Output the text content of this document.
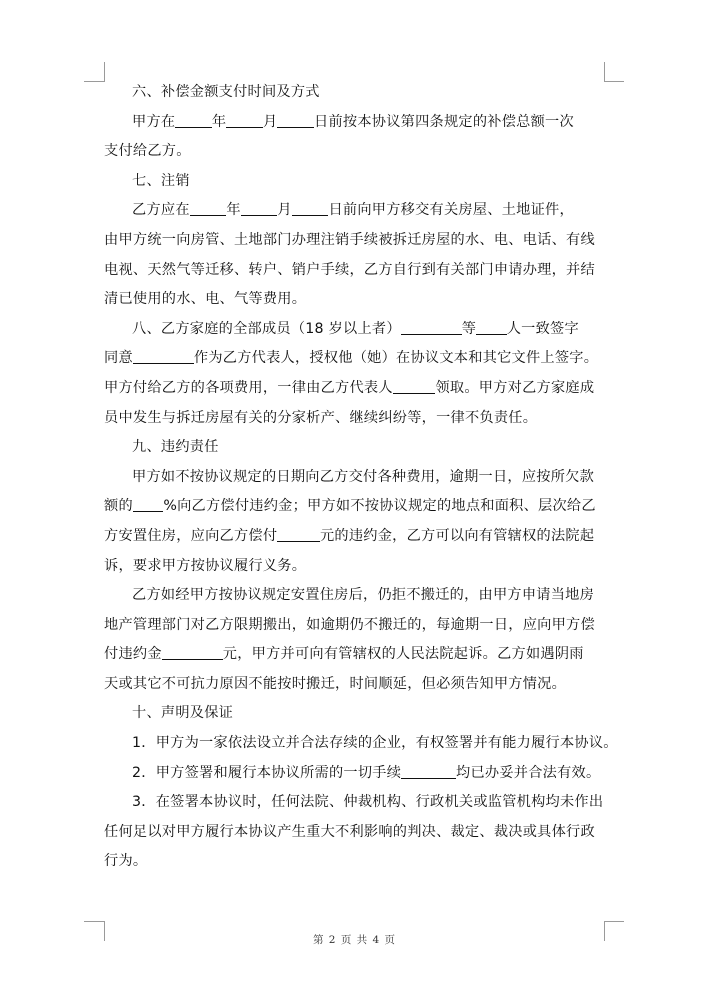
六、补偿金额支付时间及方式
甲方在	年	月	日前按本协议第四条规定的补偿总额一次
支付给乙方。
七、注销
乙方应在	年	月	日前向甲方移交有关房屋、土地证件，
由甲方统一向房管、土地部门办理注销手续被拆迁房屋的水、电、电话、有线
电视、天然气等迁移、转户、销户手续，乙方自行到有关部门申请办理，并结
清已使用的水、电、气等费用。
八、乙方家庭的全部成员（18 岁以上者）	等 人一致签字
同意	作为乙方代表人，授权他（她）在协议文本和其它文件上签字。
甲方付给乙方的各项费用，一律由乙方代表人	领取。甲方对乙方家庭成
员中发生与拆迁房屋有关的分家析产、继续纠纷等，一律不负责任。
九、违约责任
甲方如不按协议规定的日期向乙方交付各种费用，逾期一日，应按所欠款
额的 %向乙方偿付违约金；甲方如不按协议规定的地点和面积、层次给乙
方安置住房，应向乙方偿付	元的违约金，乙方可以向有管辖权的法院起
诉，要求甲方按协议履行义务。
乙方如经甲方按协议规定安置住房后，仍拒不搬迁的，由甲方申请当地房
地产管理部门对乙方限期搬出，如逾期仍不搬迁的，每逾期一日，应向甲方偿
付违约金	元，甲方并可向有管辖权的人民法院起诉。乙方如遇阴雨
天或其它不可抗力原因不能按时搬迁，时间顺延，但必须告知甲方情况。
十、声明及保证
1．甲方为一家依法设立并合法存续的企业，有权签署并有能力履行本协议。
2．甲方签署和履行本协议所需的一切手续	均已办妥并合法有效。
3．在签署本协议时，任何法院、仲裁机构、行政机关或监管机构均未作出
任何足以对甲方履行本协议产生重大不利影响的判决、裁定、裁决或具体行政
行为。
第 2 页 共 4 页
